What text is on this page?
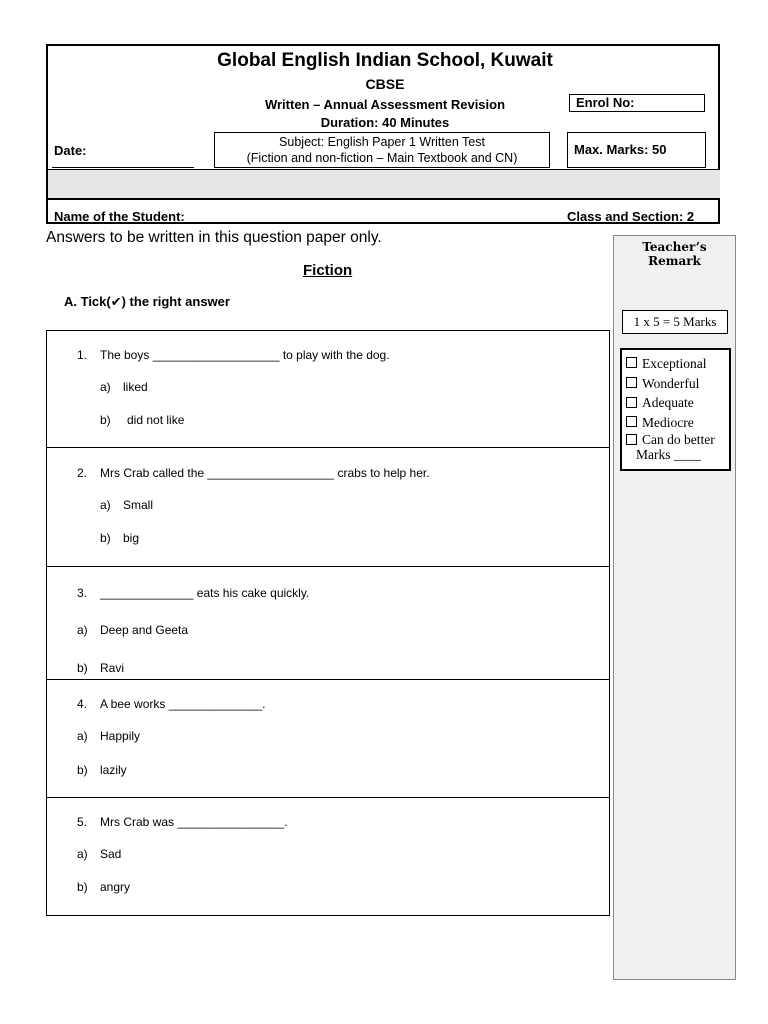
Global English Indian School, Kuwait
CBSE
Written – Annual Assessment Revision
Duration: 40 Minutes
Enrol No:
Date:
Subject: English Paper 1 Written Test
(Fiction and non-fiction – Main Textbook and CN)
Max. Marks: 50
Name of the Student:	Class and Section: 2
Answers to be written in this question paper only.
Fiction
A. Tick(✔) the right answer
1. The boys ___________________ to play with the dog.
a) liked
b) did not like
2. Mrs Crab called the ___________________ crabs to help her.
a) Small
b) big
3. ______________ eats his cake quickly.
a) Deep and Geeta
b) Ravi
4. A bee works ______________.
a) Happily
b) lazily
5. Mrs Crab was ________________.
a) Sad
b) angry
Teacher’s Remark
1 x 5 = 5 Marks
Exceptional
Wonderful
Adequate
Mediocre
Can do better
Marks ____
